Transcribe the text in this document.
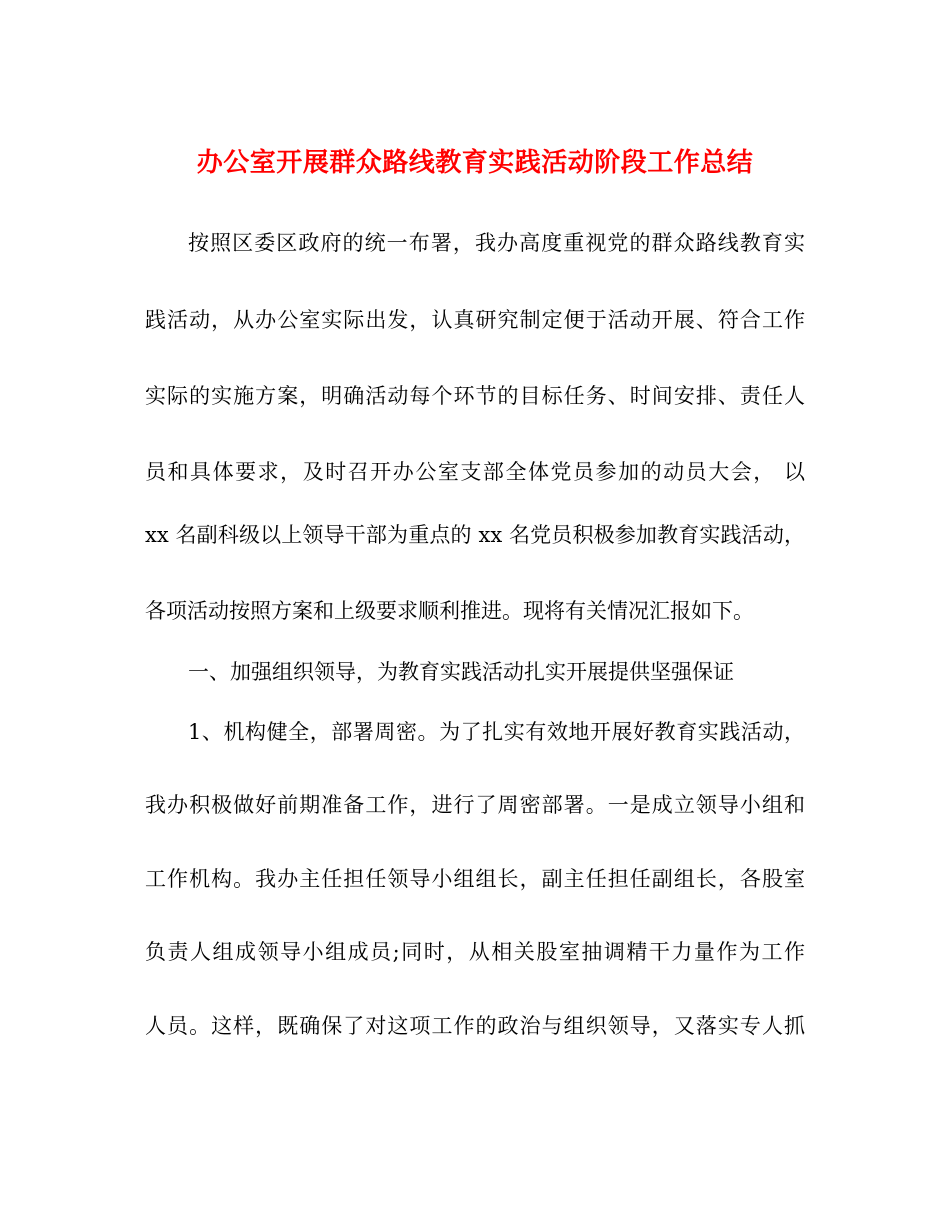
办公室开展群众路线教育实践活动阶段工作总结
按照区委区政府的统一布署，我办高度重视党的群众路线教育实
践活动，从办公室实际出发，认真研究制定便于活动开展、符合工作
实际的实施方案，明确活动每个环节的目标任务、时间安排、责任人
员和具体要求，及时召开办公室支部全体党员参加的动员大会， 以
xx 名副科级以上领导干部为重点的 xx 名党员积极参加教育实践活动，
各项活动按照方案和上级要求顺利推进。现将有关情况汇报如下。
一、加强组织领导，为教育实践活动扎实开展提供坚强保证
1、机构健全，部署周密。为了扎实有效地开展好教育实践活动，
我办积极做好前期准备工作，进行了周密部署。一是成立领导小组和
工作机构。我办主任担任领导小组组长，副主任担任副组长，各股室
负责人组成领导小组成员;同时，从相关股室抽调精干力量作为工作
人员。这样，既确保了对这项工作的政治与组织领导，又落实专人抓
